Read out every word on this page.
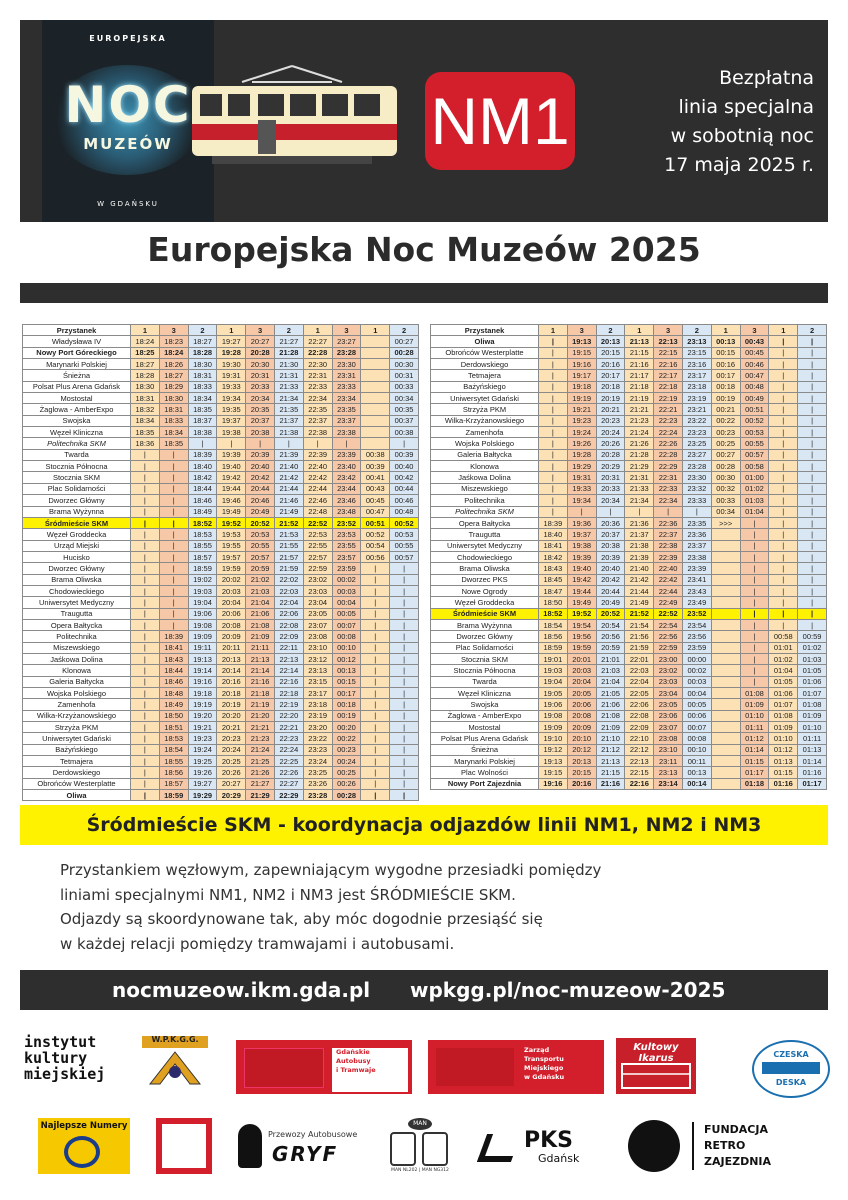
EUROPEJSKA
NOC
MUZEÓW
W GDAŃSKU
NM1
Bezpłatna
linia specjalna
w sobotnią noc
17 maja 2025 r.
Europejska Noc Muzeów 2025
Przystanek	1	3	2	1	3	2	1	3	1	2
Władysława IV	18:24	18:23	18:27	19:27	20:27	21:27	22:27	23:27		00:27
Nowy Port Góreckiego	18:25	18:24	18:28	19:28	20:28	21:28	22:28	23:28		00:28
Marynarki Polskiej	18:27	18:26	18:30	19:30	20:30	21:30	22:30	23:30		00:30
Śnieżna	18:28	18:27	18:31	19:31	20:31	21:31	22:31	23:31		00:31
Polsat Plus Arena Gdańsk	18:30	18:29	18:33	19:33	20:33	21:33	22:33	23:33		00:33
Mostostal	18:31	18:30	18:34	19:34	20:34	21:34	22:34	23:34		00:34
Żaglowa - AmberExpo	18:32	18:31	18:35	19:35	20:35	21:35	22:35	23:35		00:35
Swojska	18:34	18:33	18:37	19:37	20:37	21:37	22:37	23:37		00:37
Węzeł Kliniczna	18:35	18:34	18:38	19:38	20:38	21:38	22:38	23:38		00:38
Politechnika SKM	18:36	18:35	|	|	|	|	|	|		|
Twarda	|	|	18:39	19:39	20:39	21:39	22:39	23:39	00:38	00:39
Stocznia Północna	|	|	18:40	19:40	20:40	21:40	22:40	23:40	00:39	00:40
Stocznia SKM	|	|	18:42	19:42	20:42	21:42	22:42	23:42	00:41	00:42
Plac Solidarności	|	|	18:44	19:44	20:44	21:44	22:44	23:44	00:43	00:44
Dworzec Główny	|	|	18:46	19:46	20:46	21:46	22:46	23:46	00:45	00:46
Brama Wyżynna	|	|	18:49	19:49	20:49	21:49	22:48	23:48	00:47	00:48
Śródmieście SKM	|	|	18:52	19:52	20:52	21:52	22:52	23:52	00:51	00:52
Węzeł Groddecka	|	|	18:53	19:53	20:53	21:53	22:53	23:53	00:52	00:53
Urząd Miejski	|	|	18:55	19:55	20:55	21:55	22:55	23:55	00:54	00:55
Hucisko	|	|	18:57	19:57	20:57	21:57	22:57	23:57	00:56	00:57
Dworzec Główny	|	|	18:59	19:59	20:59	21:59	22:59	23:59	|	|
Brama Oliwska	|	|	19:02	20:02	21:02	22:02	23:02	00:02	|	|
Chodowieckiego	|	|	19:03	20:03	21:03	22:03	23:03	00:03	|	|
Uniwersytet Medyczny	|	|	19:04	20:04	21:04	22:04	23:04	00:04	|	|
Traugutta	|	|	19:06	20:06	21:06	22:06	23:05	00:05	|	|
Opera Bałtycka	|	|	19:08	20:08	21:08	22:08	23:07	00:07	|	|
Politechnika	|	18:39	19:09	20:09	21:09	22:09	23:08	00:08	|	|
Miszewskiego	|	18:41	19:11	20:11	21:11	22:11	23:10	00:10	|	|
Jaśkowa Dolina	|	18:43	19:13	20:13	21:13	22:13	23:12	00:12	|	|
Klonowa	|	18:44	19:14	20:14	21:14	22:14	23:13	00:13	|	|
Galeria Bałtycka	|	18:46	19:16	20:16	21:16	22:16	23:15	00:15	|	|
Wojska Polskiego	|	18:48	19:18	20:18	21:18	22:18	23:17	00:17	|	|
Zamenhofa	|	18:49	19:19	20:19	21:19	22:19	23:18	00:18	|	|
Wilka-Krzyżanowskiego	|	18:50	19:20	20:20	21:20	22:20	23:19	00:19	|	|
Strzyża PKM	|	18:51	19:21	20:21	21:21	22:21	23:20	00:20	|	|
Uniwersytet Gdański	|	18:53	19:23	20:23	21:23	22:23	23:22	00:22	|	|
Bażyńskiego	|	18:54	19:24	20:24	21:24	22:24	23:23	00:23	|	|
Tetmajera	|	18:55	19:25	20:25	21:25	22:25	23:24	00:24	|	|
Derdowskiego	|	18:56	19:26	20:26	21:26	22:26	23:25	00:25	|	|
Obrońców Westerplatte	|	18:57	19:27	20:27	21:27	22:27	23:26	00:26	|	|
Oliwa	|	18:59	19:29	20:29	21:29	22:29	23:28	00:28	|	|
Przystanek	1	3	2	1	3	2	1	3	1	2
Oliwa	|	19:13	20:13	21:13	22:13	23:13	00:13	00:43	|	|
Obrońców Westerplatte	|	19:15	20:15	21:15	22:15	23:15	00:15	00:45	|	|
Derdowskiego	|	19:16	20:16	21:16	22:16	23:16	00:16	00:46	|	|
Tetmajera	|	19:17	20:17	21:17	22:17	23:17	00:17	00:47	|	|
Bażyńskiego	|	19:18	20:18	21:18	22:18	23:18	00:18	00:48	|	|
Uniwersytet Gdański	|	19:19	20:19	21:19	22:19	23:19	00:19	00:49	|	|
Strzyża PKM	|	19:21	20:21	21:21	22:21	23:21	00:21	00:51	|	|
Wilka-Krzyżanowskiego	|	19:23	20:23	21:23	22:23	23:22	00:22	00:52	|	|
Zamenhofa	|	19:24	20:24	21:24	22:24	23:23	00:23	00:53	|	|
Wojska Polskiego	|	19:26	20:26	21:26	22:26	23:25	00:25	00:55	|	|
Galeria Bałtycka	|	19:28	20:28	21:28	22:28	23:27	00:27	00:57	|	|
Klonowa	|	19:29	20:29	21:29	22:29	23:28	00:28	00:58	|	|
Jaśkowa Dolina	|	19:31	20:31	21:31	22:31	23:30	00:30	01:00	|	|
Miszewskiego	|	19:33	20:33	21:33	22:33	23:32	00:32	01:02	|	|
Politechnika	|	19:34	20:34	21:34	22:34	23:33	00:33	01:03	|	|
Politechnika SKM	|	|	|	|	|	|	00:34	01:04	|	|
Opera Bałtycka	18:39	19:36	20:36	21:36	22:36	23:35	>>>	|	|	|
Traugutta	18:40	19:37	20:37	21:37	22:37	23:36		|	|	|
Uniwersytet Medyczny	18:41	19:38	20:38	21:38	22:38	23:37		|	|	|
Chodowieckiego	18:42	19:39	20:39	21:39	22:39	23:38		|	|	|
Brama Oliwska	18:43	19:40	20:40	21:40	22:40	23:39		|	|	|
Dworzec PKS	18:45	19:42	20:42	21:42	22:42	23:41		|	|	|
Nowe Ogrody	18:47	19:44	20:44	21:44	22:44	23:43		|	|	|
Węzeł Groddecka	18:50	19:49	20:49	21:49	22:49	23:49		|	|	|
Śródmieście SKM	18:52	19:52	20:52	21:52	22:52	23:52		|	|	|
Brama Wyżynna	18:54	19:54	20:54	21:54	22:54	23:54		|	|	|
Dworzec Główny	18:56	19:56	20:56	21:56	22:56	23:56		|	00:58	00:59
Plac Solidarności	18:59	19:59	20:59	21:59	22:59	23:59		|	01:01	01:02
Stocznia SKM	19:01	20:01	21:01	22:01	23:00	00:00		|	01:02	01:03
Stocznia Północna	19:03	20:03	21:03	22:03	23:02	00:02		|	01:04	01:05
Twarda	19:04	20:04	21:04	22:04	23:03	00:03		|	01:05	01:06
Węzeł Kliniczna	19:05	20:05	21:05	22:05	23:04	00:04		01:08	01:06	01:07
Swojska	19:06	20:06	21:06	22:06	23:05	00:05		01:09	01:07	01:08
Żaglowa - AmberExpo	19:08	20:08	21:08	22:08	23:06	00:06		01:10	01:08	01:09
Mostostal	19:09	20:09	21:09	22:09	23:07	00:07		01:11	01:09	01:10
Polsat Plus Arena Gdańsk	19:10	20:10	21:10	22:10	23:08	00:08		01:12	01:10	01:11
Śnieżna	19:12	20:12	21:12	22:12	23:10	00:10		01:14	01:12	01:13
Marynarki Polskiej	19:13	20:13	21:13	22:13	23:11	00:11		01:15	01:13	01:14
Plac Wolności	19:15	20:15	21:15	22:15	23:13	00:13		01:17	01:15	01:16
Nowy Port Zajezdnia	19:16	20:16	21:16	22:16	23:14	00:14		01:18	01:16	01:17
Śródmieście SKM - koordynacja odjazdów linii NM1, NM2 i NM3
Przystankiem węzłowym, zapewniającym wygodne przesiadki pomiędzy
liniami specjalnymi NM1, NM2 i NM3 jest ŚRÓDMIEŚCIE SKM.
Odjazdy są skoordynowane tak, aby móc dogodnie przesiąść się
w każdej relacji pomiędzy tramwajami i autobusami.
nocmuzeow.ikm.gda.pl wpkgg.pl/noc-muzeow-2025
instytut
kultury
miejskiej
W.P.K.G.G.
Gdańskie
Autobusy
i Tramwaje
Zarząd
Transportu
Miejskiego
w Gdańsku
Kultowy Ikarus	CZESKA
DESKA
Najlepsze Numery
Przewozy Autobusowe
GRYF
MAN
MAN NL202 | MAN NG312
PKS
Gdańsk
FUNDACJA
RETRO
ZAJEZDNIA
